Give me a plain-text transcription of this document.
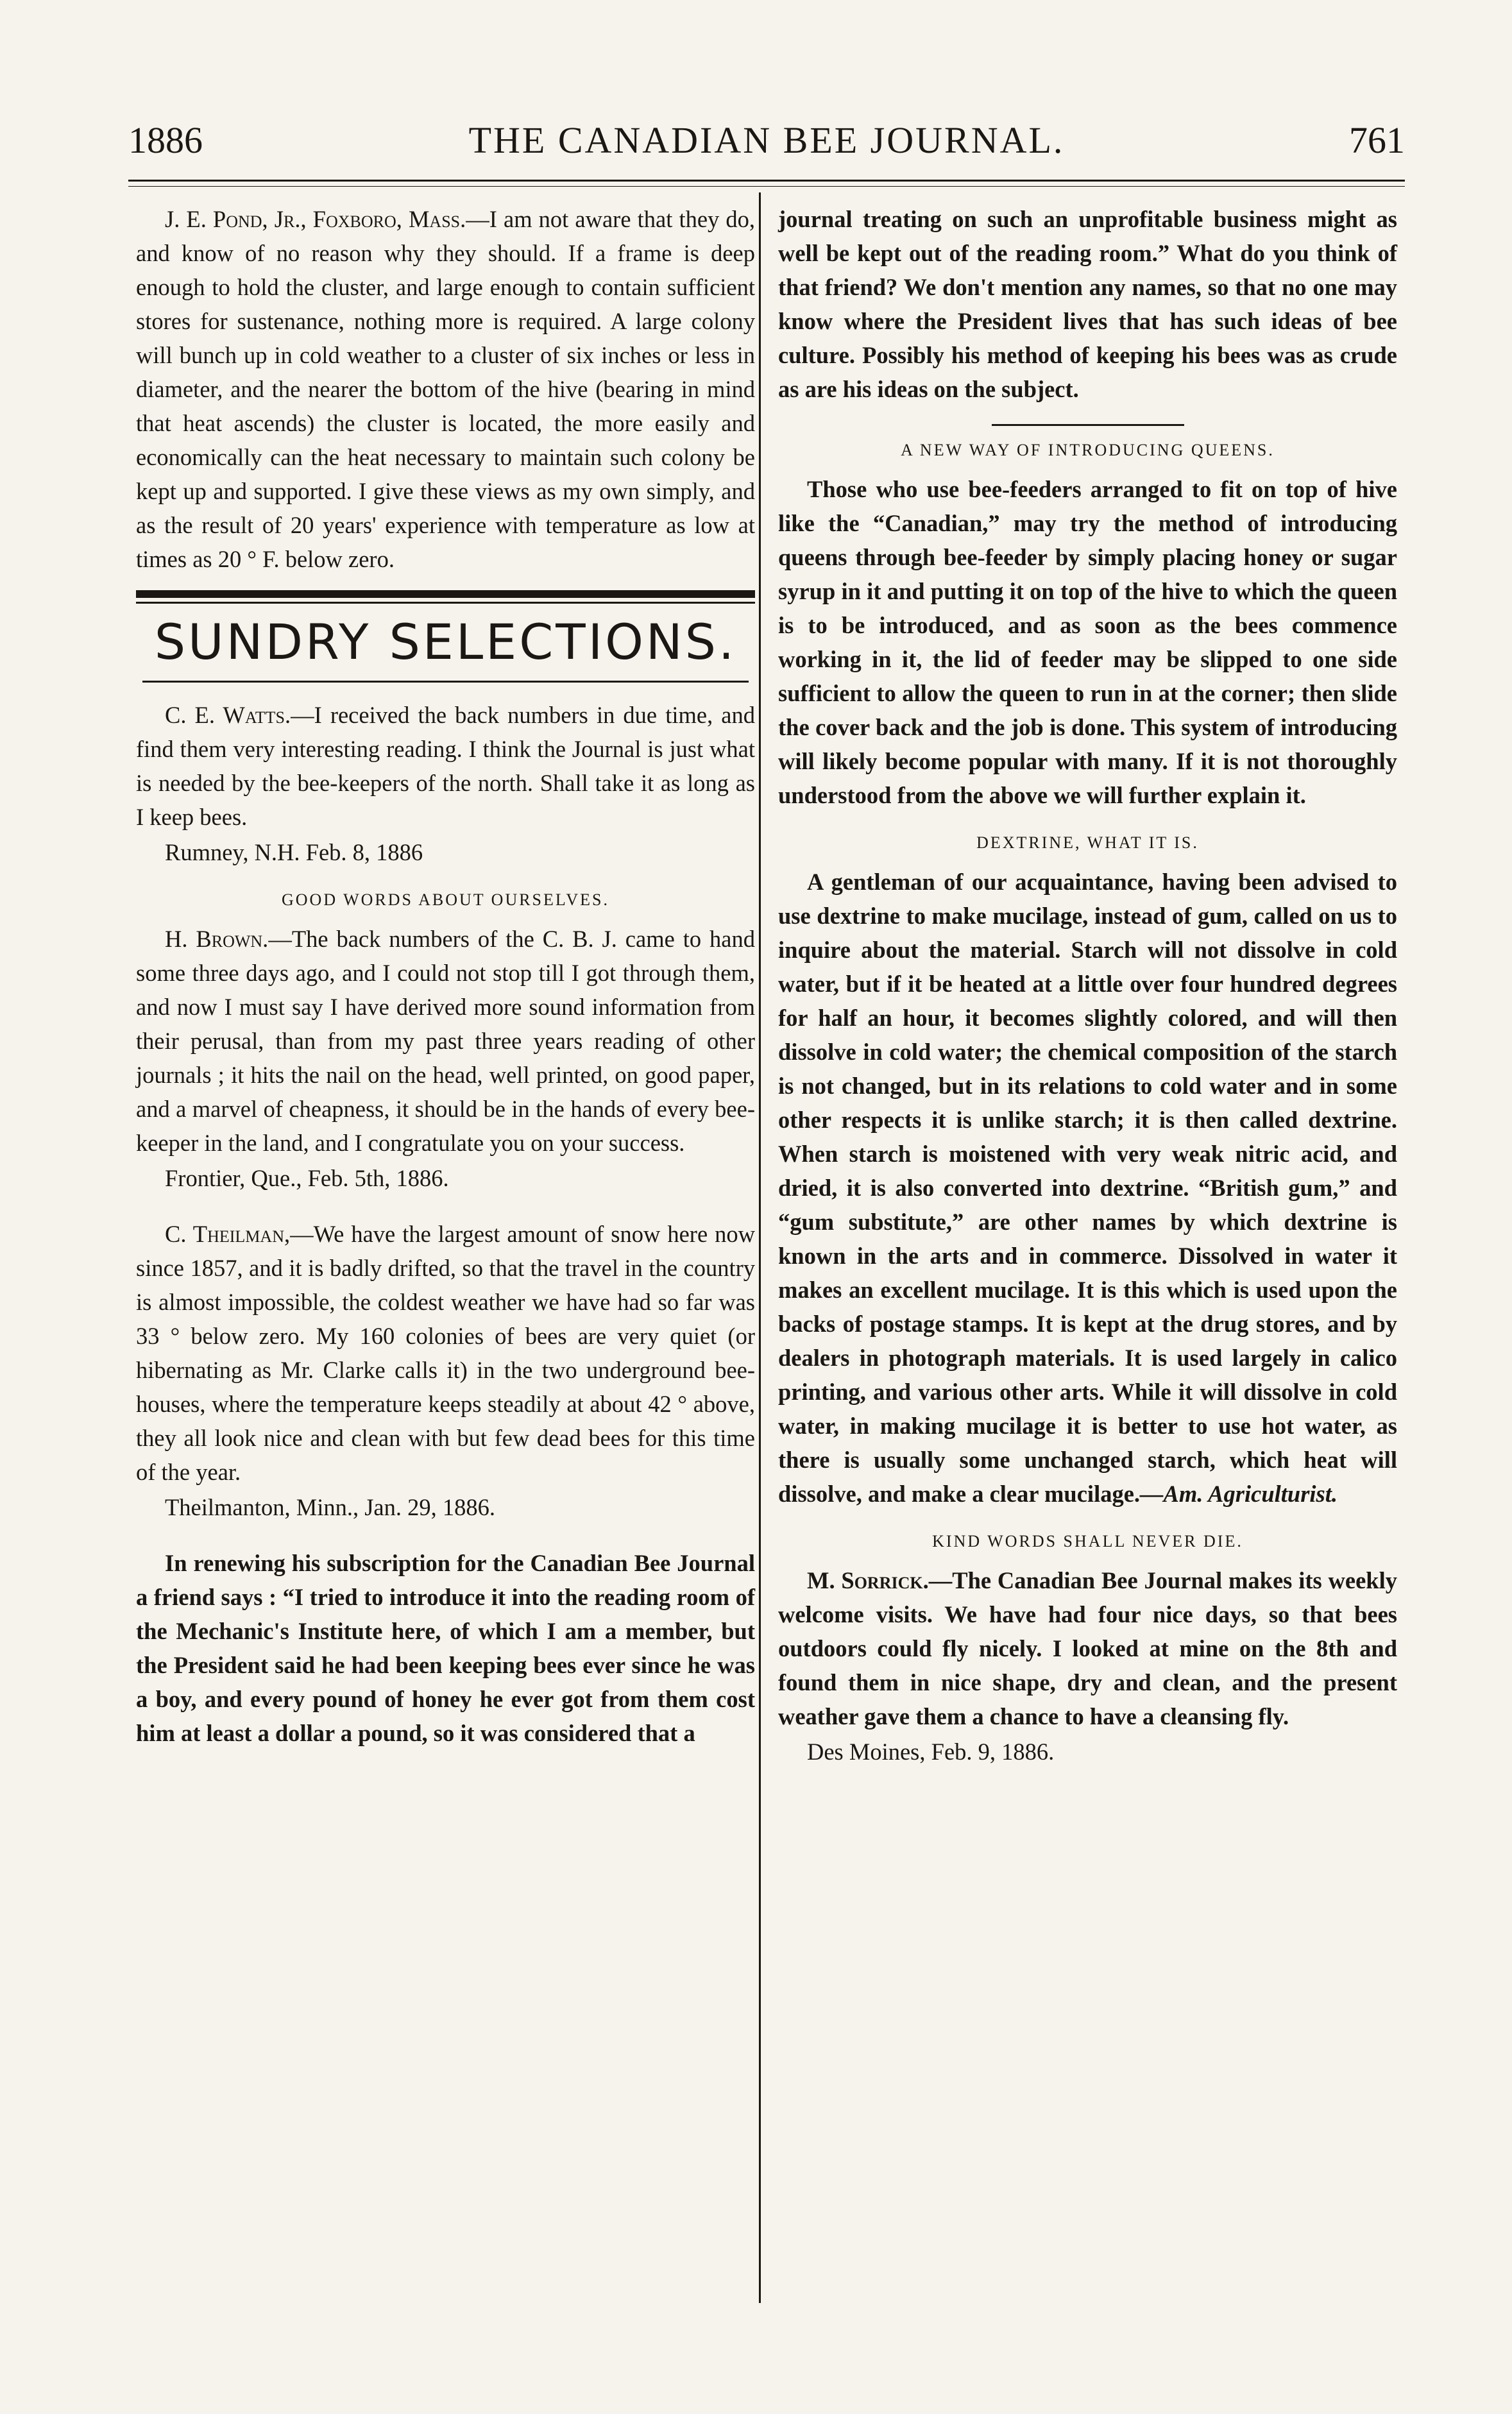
1886	THE CANADIAN BEE JOURNAL.	761

J. E. Pond, Jr., Foxboro, Mass.—I am not aware that they do, and know of no reason why they should. If a frame is deep enough to hold the cluster, and large enough to contain sufficient stores for sustenance, nothing more is required. A large colony will bunch up in cold weather to a cluster of six inches or less in diameter, and the nearer the bottom of the hive (bearing in mind that heat ascends) the cluster is located, the more easily and economically can the heat necessary to maintain such colony be kept up and supported. I give these views as my own simply, and as the result of 20 years' experience with temperature as low at times as 20 ° F. below zero.

SUNDRY SELECTIONS.

C. E. Watts.—I received the back numbers in due time, and find them very interesting reading. I think the Journal is just what is needed by the bee-keepers of the north. Shall take it as long as I keep bees.

Rumney, N.H. Feb. 8, 1886

GOOD WORDS ABOUT OURSELVES.

H. Brown.—The back numbers of the C. B. J. came to hand some three days ago, and I could not stop till I got through them, and now I must say I have derived more sound information from their perusal, than from my past three years reading of other journals ; it hits the nail on the head, well printed, on good paper, and a marvel of cheapness, it should be in the hands of every bee-keeper in the land, and I congratulate you on your success.

Frontier, Que., Feb. 5th, 1886.

C. Theilman,—We have the largest amount of snow here now since 1857, and it is badly drifted, so that the travel in the country is almost impossible, the coldest weather we have had so far was 33 ° below zero. My 160 colonies of bees are very quiet (or hibernating as Mr. Clarke calls it) in the two underground bee-houses, where the temperature keeps steadily at about 42 ° above, they all look nice and clean with but few dead bees for this time of the year.

Theilmanton, Minn., Jan. 29, 1886.

In renewing his subscription for the Canadian Bee Journal a friend says : “I tried to introduce it into the reading room of the Mechanic's Institute here, of which I am a member, but the President said he had been keeping bees ever since he was a boy, and every pound of honey he ever got from them cost him at least a dollar a pound, so it was considered that a

journal treating on such an unprofitable business might as well be kept out of the reading room.” What do you think of that friend? We don't mention any names, so that no one may know where the President lives that has such ideas of bee culture. Possibly his method of keeping his bees was as crude as are his ideas on the subject.

A NEW WAY OF INTRODUCING QUEENS.

Those who use bee-feeders arranged to fit on top of hive like the “Canadian,” may try the method of introducing queens through bee-feeder by simply placing honey or sugar syrup in it and putting it on top of the hive to which the queen is to be introduced, and as soon as the bees commence working in it, the lid of feeder may be slipped to one side sufficient to allow the queen to run in at the corner; then slide the cover back and the job is done. This system of introducing will likely become popular with many. If it is not thoroughly understood from the above we will further explain it.

DEXTRINE, WHAT IT IS.

A gentleman of our acquaintance, having been advised to use dextrine to make mucilage, instead of gum, called on us to inquire about the material. Starch will not dissolve in cold water, but if it be heated at a little over four hundred degrees for half an hour, it becomes slightly colored, and will then dissolve in cold water; the chemical composition of the starch is not changed, but in its relations to cold water and in some other respects it is unlike starch; it is then called dextrine. When starch is moistened with very weak nitric acid, and dried, it is also converted into dextrine. “British gum,” and “gum substitute,” are other names by which dextrine is known in the arts and in commerce. Dissolved in water it makes an excellent mucilage. It is this which is used upon the backs of postage stamps. It is kept at the drug stores, and by dealers in photograph materials. It is used largely in calico printing, and various other arts. While it will dissolve in cold water, in making mucilage it is better to use hot water, as there is usually some unchanged starch, which heat will dissolve, and make a clear mucilage.—Am. Agriculturist.

KIND WORDS SHALL NEVER DIE.

M. Sorrick.—The Canadian Bee Journal makes its weekly welcome visits. We have had four nice days, so that bees outdoors could fly nicely. I looked at mine on the 8th and found them in nice shape, dry and clean, and the present weather gave them a chance to have a cleansing fly.

Des Moines, Feb. 9, 1886.
